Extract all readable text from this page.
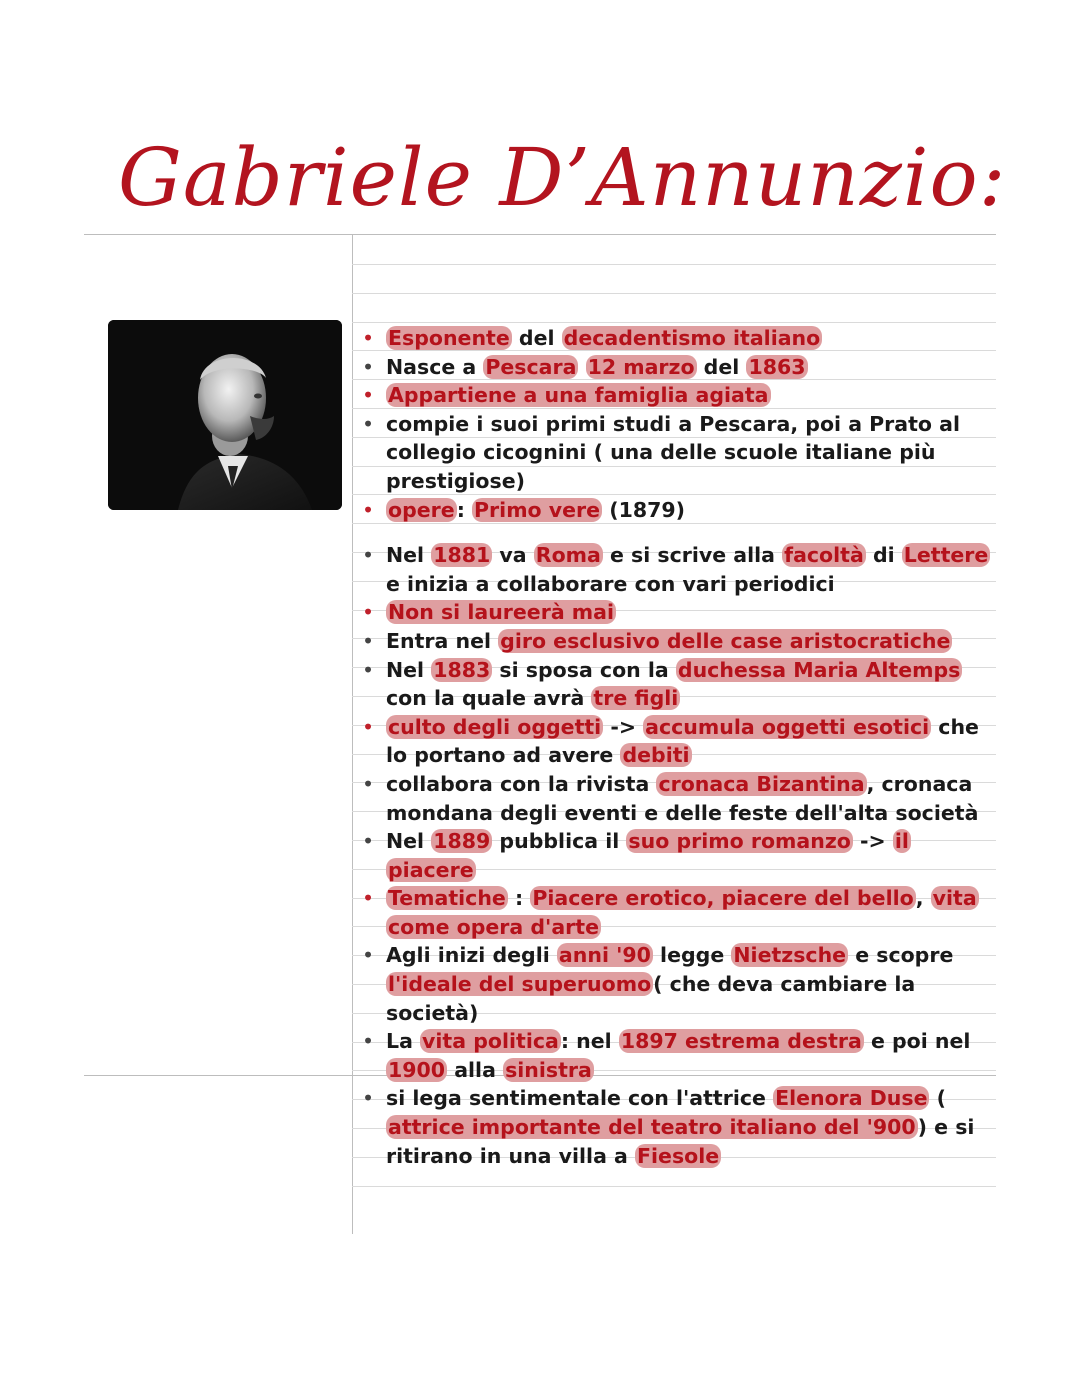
Gabriele D’Annunzio:
• Esponente del decadentismo italiano
• Nasce a Pescara 12 marzo del 1863
• Appartiene a una famiglia agiata
• compie i suoi primi studi a Pescara, poi a Prato al collegio cicognini ( una delle scuole italiane più prestigiose)
• opere: Primo vere (1879)
• Nel 1881 va Roma e si scrive alla facoltà di Lettere e inizia a collaborare con vari periodici
• Non si laureerà mai
• Entra nel giro esclusivo delle case aristocratiche
• Nel 1883 si sposa con la duchessa Maria Altemps con la quale avrà tre figli
• culto degli oggetti -> accumula oggetti esotici che lo portano ad avere debiti
• collabora con la rivista cronaca Bizantina, cronaca mondana degli eventi e delle feste dell'alta società
• Nel 1889 pubblica il suo primo romanzo -> il piacere
• Tematiche : Piacere erotico, piacere del bello, vita come opera d'arte
• Agli inizi degli anni '90 legge Nietzsche e scopre l'ideale del superuomo( che deva cambiare la società)
• La vita politica: nel 1897 estrema destra e poi nel 1900 alla sinistra
• si lega sentimentale con l'attrice Elenora Duse ( attrice importante del teatro italiano del '900) e si ritirano in una villa a Fiesole
